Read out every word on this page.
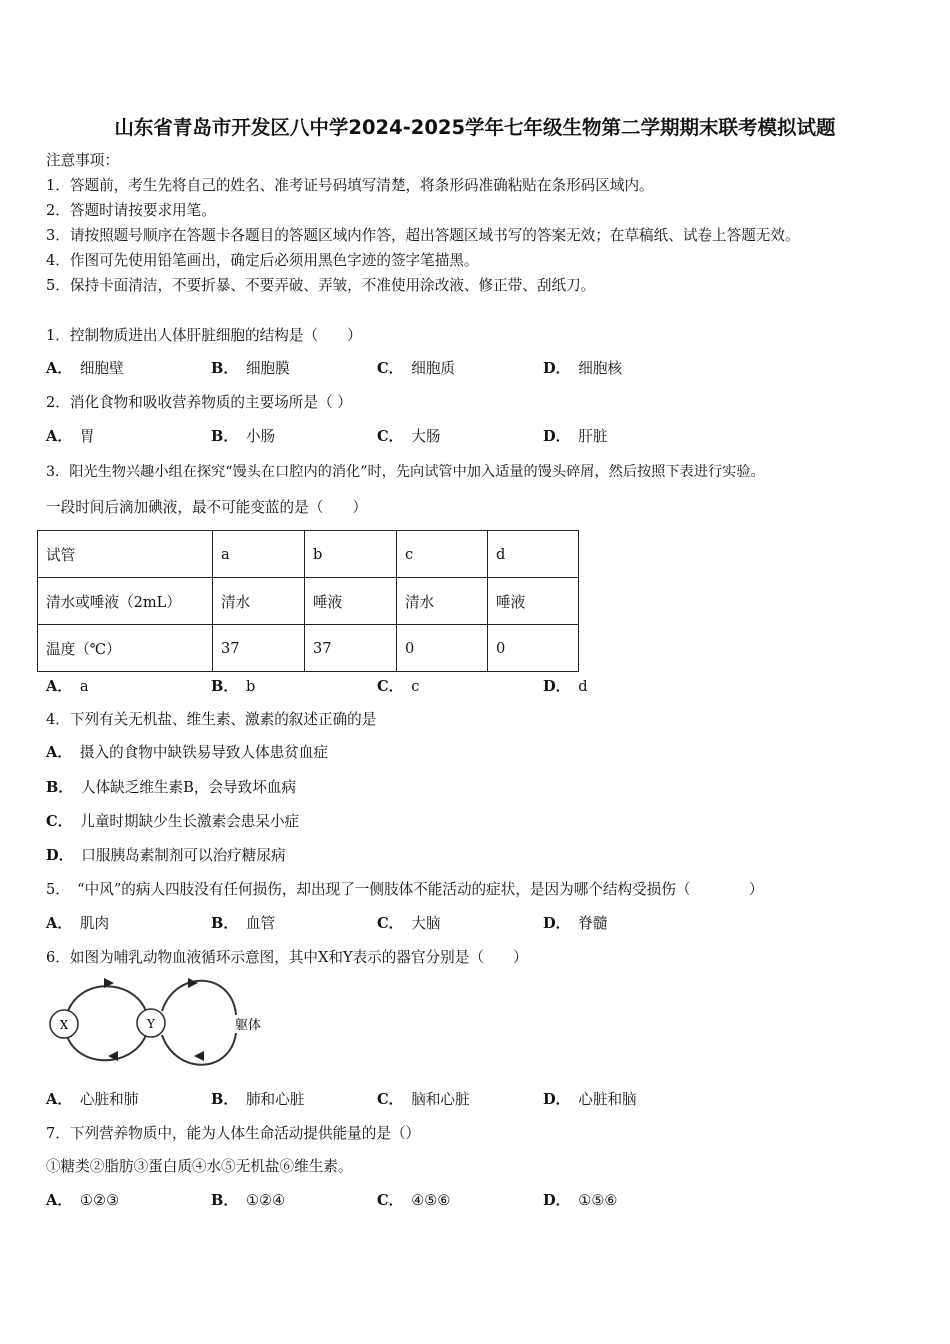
山东省青岛市开发区八中学2024-2025学年七年级生物第二学期期末联考模拟试题
注意事项：
1．答题前，考生先将自己的姓名、准考证号码填写清楚，将条形码准确粘贴在条形码区域内。
2．答题时请按要求用笔。
3．请按照题号顺序在答题卡各题目的答题区域内作答，超出答题区域书写的答案无效；在草稿纸、试卷上答题无效。
4．作图可先使用铅笔画出，确定后必须用黑色字迹的签字笔描黑。
5．保持卡面清洁，不要折暴、不要弄破、弄皱，不准使用涂改液、修正带、刮纸刀。
1．控制物质进出人体肝脏细胞的结构是（　　）
A． 细胞壁	B． 细胞膜	C． 细胞质	D． 细胞核
2．消化食物和吸收营养物质的主要场所是（ ）
A． 胃	B． 小肠	C． 大肠	D． 肝脏
3．阳光生物兴趣小组在探究“馒头在口腔内的消化”时，先向试管中加入适量的馒头碎屑，然后按照下表进行实验。
一段时间后滴加碘液，最不可能变蓝的是（　　）
试管	a	b	c	d
清水或唾液（2mL）	清水	唾液	清水	唾液
温度（℃）	37	37	0	0
A． a	B． b	C． c	D． d
4．下列有关无机盐、维生素、激素的叙述正确的是
A． 摄入的食物中缺铁易导致人体患贫血症
B． 人体缺乏维生素B，会导致坏血病
C． 儿童时期缺少生长激素会患呆小症
D． 口服胰岛素制剂可以治疗糖尿病
5．　“中风”的病人四肢没有任何损伤，却出现了一侧肢体不能活动的症状，是因为哪个结构受损伤（　　　　）
A． 肌肉	B． 血管	C． 大脑	D． 脊髓
6．如图为哺乳动物血液循环示意图，其中X和Y表示的器官分别是（　　）
X	Y	躯体
A． 心脏和肺	B． 肺和心脏	C． 脑和心脏	D． 心脏和脑
7．下列营养物质中，能为人体生命活动提供能量的是（）
①糖类②脂肪③蛋白质④水⑤无机盐⑥维生素。
A． ①②③	B． ①②④	C． ④⑤⑥	D． ①⑤⑥
